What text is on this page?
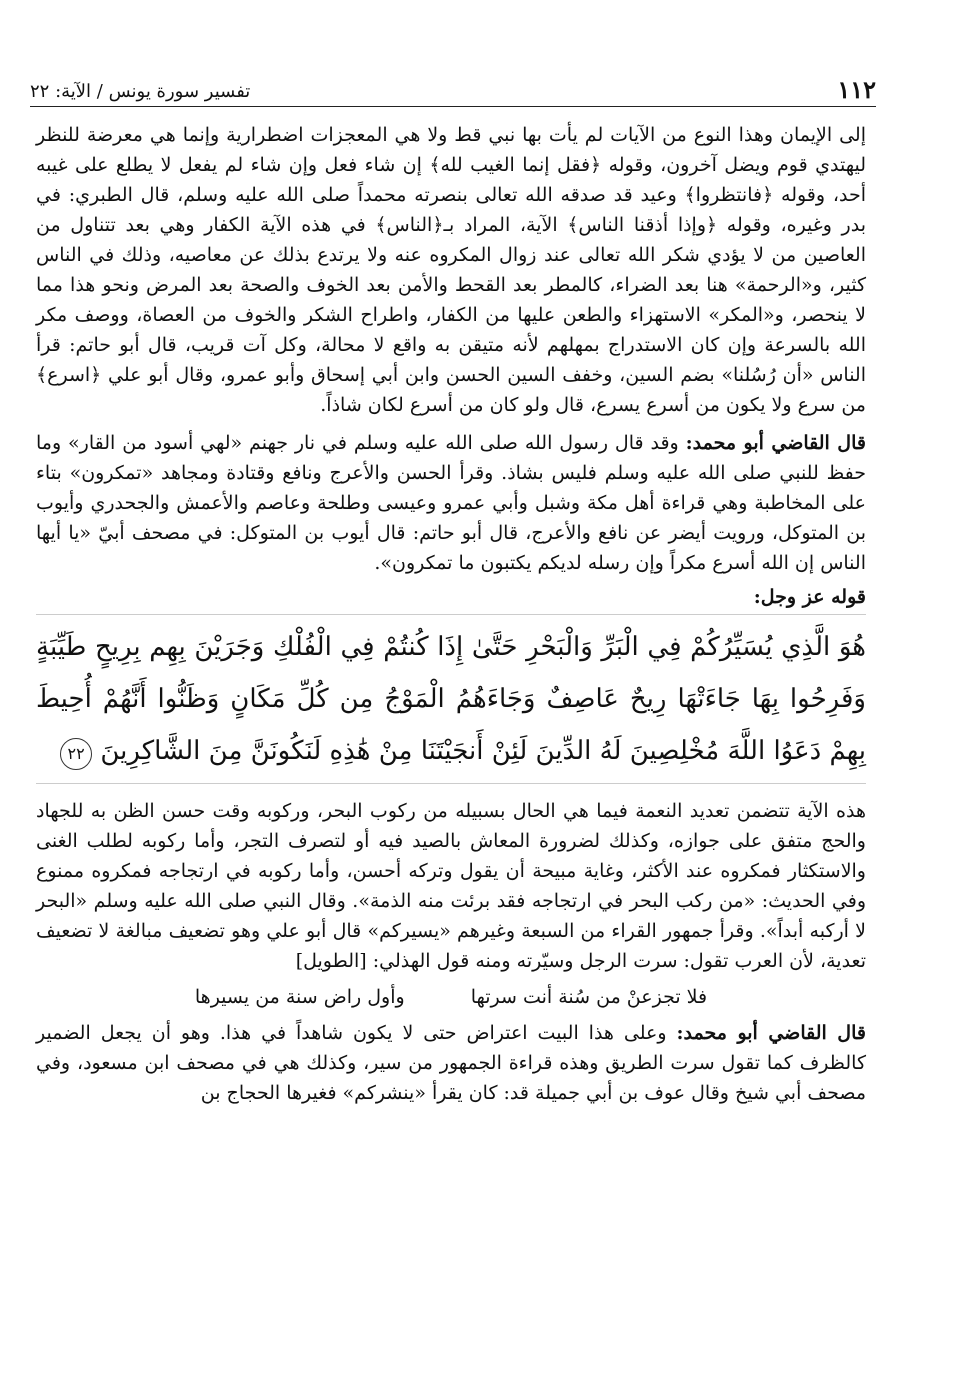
١١٢
تفسير سورة يونس / الآية: ٢٢

إلى الإيمان وهذا النوع من الآيات لم يأت بها نبي قط ولا هي المعجزات اضطرارية وإنما هي معرضة للنظر ليهتدي قوم ويضل آخرون، وقوله ﴿فقل إنما الغيب لله﴾ إن شاء فعل وإن شاء لم يفعل لا يطلع على غيبه أحد، وقوله ﴿فانتظروا﴾ وعيد قد صدقه الله تعالى بنصرته محمداً صلى الله عليه وسلم، قال الطبري: في بدر وغيره، وقوله ﴿وإذا أذقنا الناس﴾ الآية، المراد بـ﴿الناس﴾ في هذه الآية الكفار وهي بعد تتناول من العاصين من لا يؤدي شكر الله تعالى عند زوال المكروه عنه ولا يرتدع بذلك عن معاصيه، وذلك في الناس كثير، و«الرحمة» هنا بعد الضراء، كالمطر بعد القحط والأمن بعد الخوف والصحة بعد المرض ونحو هذا مما لا ينحصر، و«المكر» الاستهزاء والطعن عليها من الكفار، واطراح الشكر والخوف من العصاة، ووصف مكر الله بالسرعة وإن كان الاستدراج بمهلهم لأنه متيقن به واقع لا محالة، وكل آت قريب، قال أبو حاتم: قرأ الناس «أن رُسُلنا» بضم السين، وخفف السين الحسن وابن أبي إسحاق وأبو عمرو، وقال أبو علي ﴿اسرع﴾ من سرع ولا يكون من أسرع يسرع، قال ولو كان من أسرع لكان شاذاً.

قال القاضي أبو محمد: وقد قال رسول الله صلى الله عليه وسلم في نار جهنم «لهي أسود من القار» وما حفظ للنبي صلى الله عليه وسلم فليس بشاذ. وقرأ الحسن والأعرج ونافع وقتادة ومجاهد «تمكرون» بتاء على المخاطبة وهي قراءة أهل مكة وشبل وأبي عمرو وعيسى وطلحة وعاصم والأعمش والجحدري وأيوب بن المتوكل، ورويت أيضر عن نافع والأعرج، قال أبو حاتم: قال أيوب بن المتوكل: في مصحف أبيّ «يا أيها الناس إن الله أسرع مكراً وإن رسله لديكم يكتبون ما تمكرون».

قوله عز وجل:

هُوَ الَّذِي يُسَيِّرُكُمْ فِي الْبَرِّ وَالْبَحْرِ حَتَّىٰ إِذَا كُنتُمْ فِي الْفُلْكِ وَجَرَيْنَ بِهِم بِرِيحٍ طَيِّبَةٍ وَفَرِحُوا بِهَا جَاءَتْهَا رِيحٌ عَاصِفٌ وَجَاءَهُمُ الْمَوْجُ مِن كُلِّ مَكَانٍ وَظَنُّوا أَنَّهُمْ أُحِيطَ بِهِمْ دَعَوُا اللَّهَ مُخْلِصِينَ لَهُ الدِّينَ لَئِنْ أَنجَيْتَنَا مِنْ هَٰذِهِ لَنَكُونَنَّ مِنَ الشَّاكِرِينَ ٢٢

هذه الآية تتضمن تعديد النعمة فيما هي الحال بسبيله من ركوب البحر، وركوبه وقت حسن الظن به للجهاد والحج متفق على جوازه، وكذلك لضرورة المعاش بالصيد فيه أو لتصرف التجر، وأما ركوبه لطلب الغنى والاستكثار فمكروه عند الأكثر، وغاية مبيحة أن يقول وتركه أحسن، وأما ركوبه في ارتجاجه فمكروه ممنوع وفي الحديث: «من ركب البحر في ارتجاجه فقد برئت منه الذمة». وقال النبي صلى الله عليه وسلم «البحر لا أركبه أبداً». وقرأ جمهور القراء من السبعة وغيرهم «يسيركم» قال أبو علي وهو تضعيف مبالغة لا تضعيف تعدية، لأن العرب تقول: سرت الرجل وسيّرته ومنه قول الهذلي: [الطويل]

فلا تجزعنْ من سُنة أنت سرتها وأول راض سنة من يسيرها

قال القاضي أبو محمد: وعلى هذا البيت اعتراض حتى لا يكون شاهداً في هذا. وهو أن يجعل الضمير كالظرف كما تقول سرت الطريق وهذه قراءة الجمهور من سير، وكذلك هي في مصحف ابن مسعود، وفي مصحف أبي شيخ وقال عوف بن أبي جميلة قد: كان يقرأ «ينشركم» فغيرها الحجاج بن
